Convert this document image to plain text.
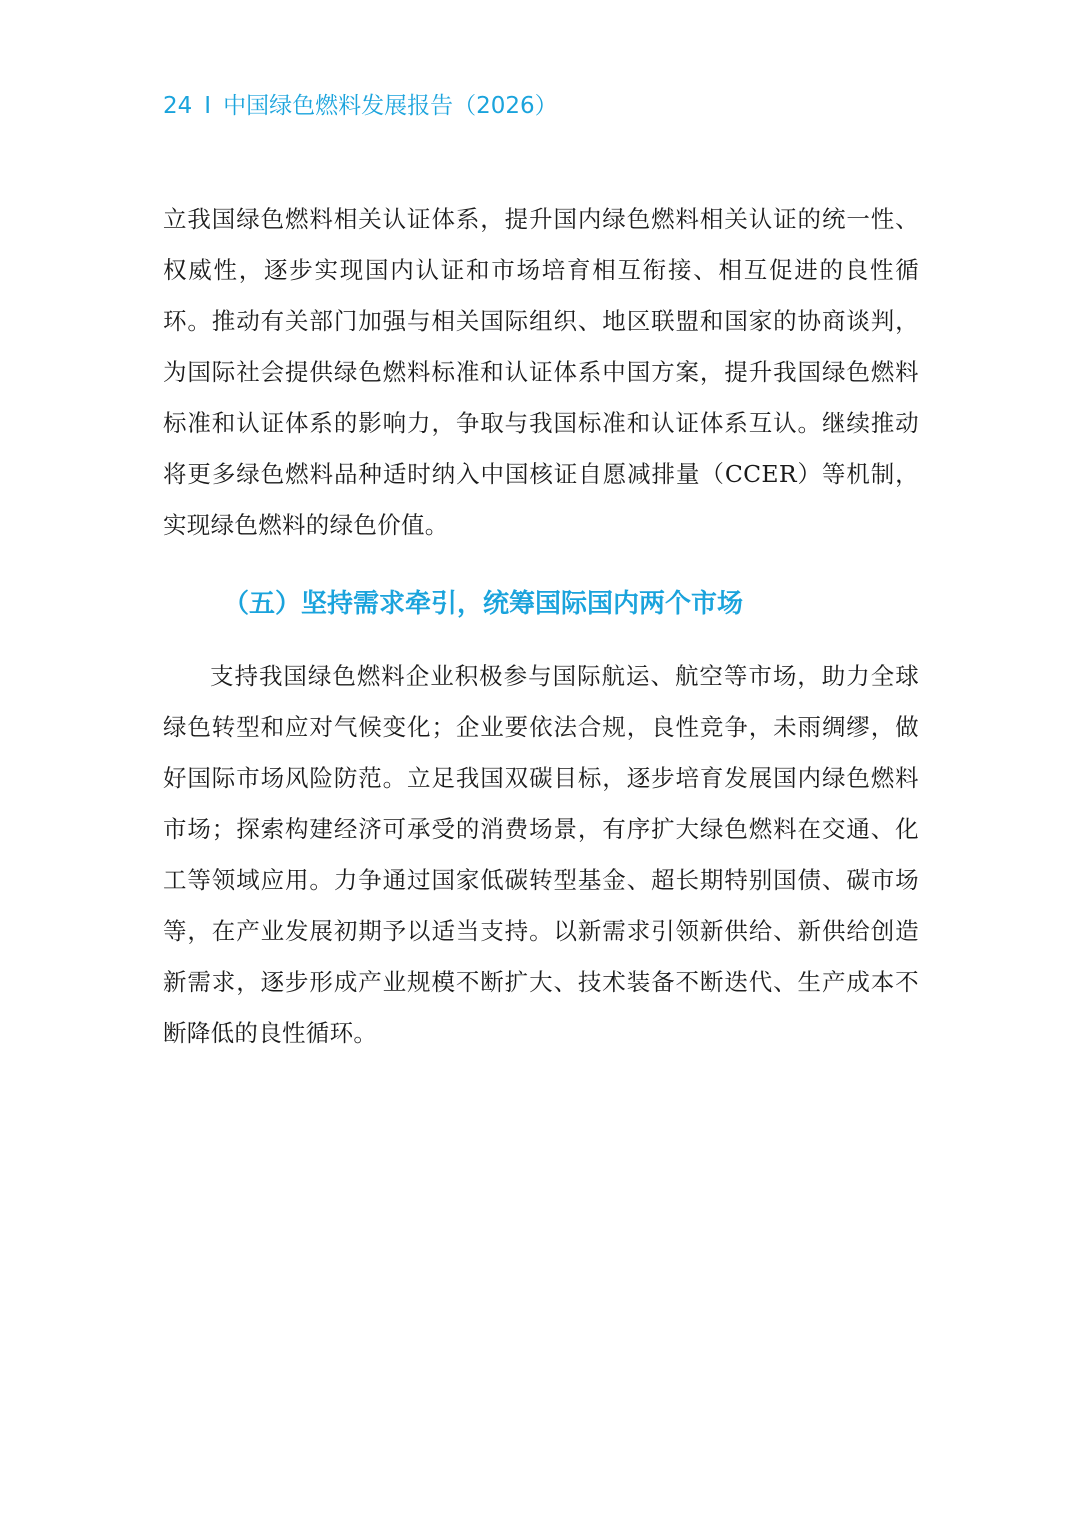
24 I 中国绿色燃料发展报告（2026）

立我国绿色燃料相关认证体系，提升国内绿色燃料相关认证的统一性、权威性，逐步实现国内认证和市场培育相互衔接、相互促进的良性循环。推动有关部门加强与相关国际组织、地区联盟和国家的协商谈判，为国际社会提供绿色燃料标准和认证体系中国方案，提升我国绿色燃料标准和认证体系的影响力，争取与我国标准和认证体系互认。继续推动将更多绿色燃料品种适时纳入中国核证自愿减排量（CCER）等机制，实现绿色燃料的绿色价值。

（五）坚持需求牵引，统筹国际国内两个市场

支持我国绿色燃料企业积极参与国际航运、航空等市场，助力全球绿色转型和应对气候变化；企业要依法合规，良性竞争，未雨绸缪，做好国际市场风险防范。立足我国双碳目标，逐步培育发展国内绿色燃料市场；探索构建经济可承受的消费场景，有序扩大绿色燃料在交通、化工等领域应用。力争通过国家低碳转型基金、超长期特别国债、碳市场等，在产业发展初期予以适当支持。以新需求引领新供给、新供给创造新需求，逐步形成产业规模不断扩大、技术装备不断迭代、生产成本不断降低的良性循环。
